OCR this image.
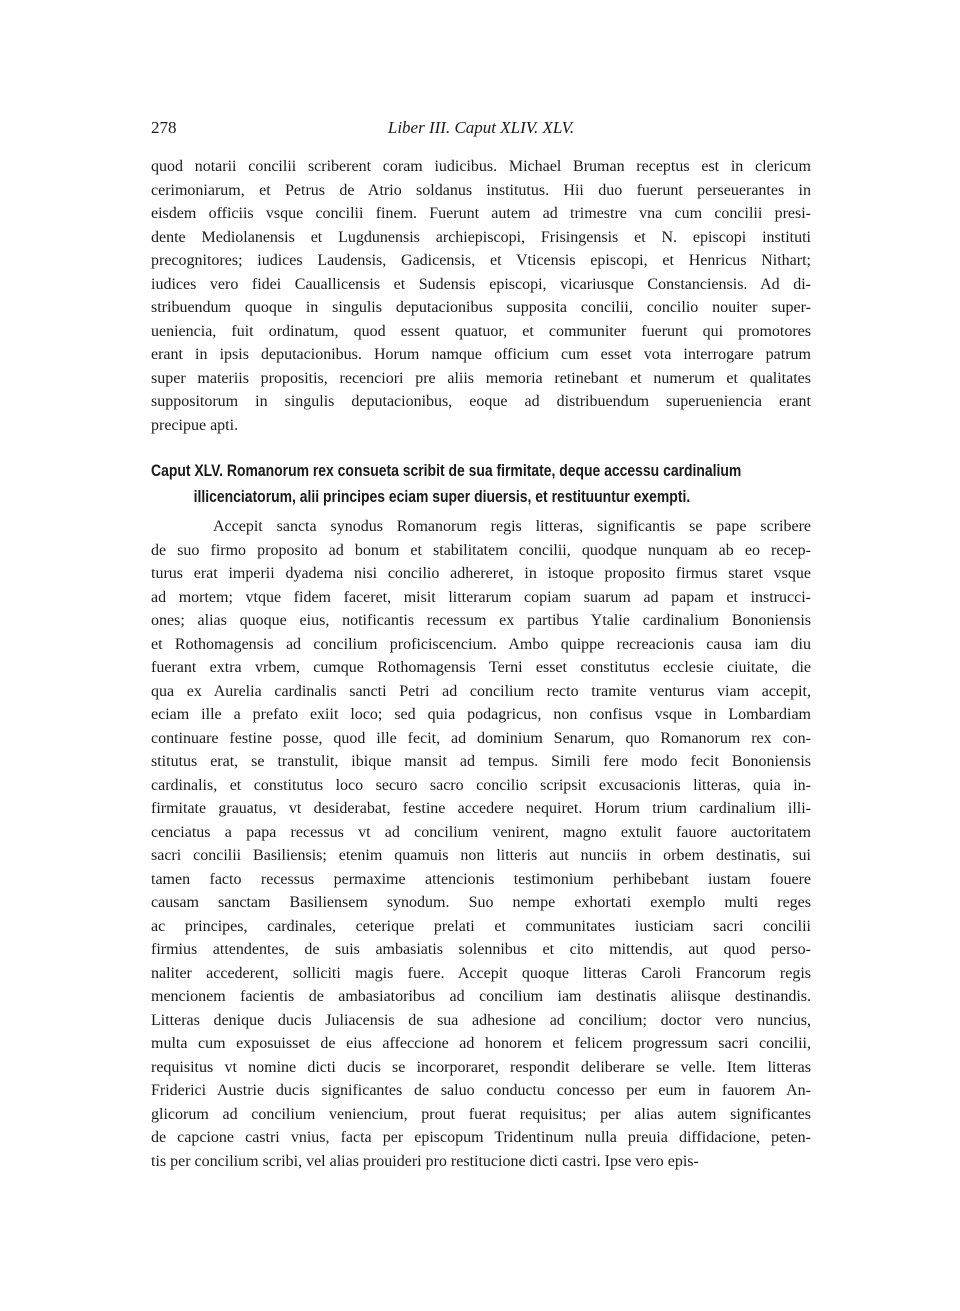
278	Liber III. Caput XLIV. XLV.
quod notarii concilii scriberent coram iudicibus. Michael Bruman receptus est in clericum
cerimoniarum, et Petrus de Atrio soldanus institutus. Hii duo fuerunt perseuerantes in
eisdem officiis vsque concilii finem. Fuerunt autem ad trimestre vna cum concilii presi-
dente Mediolanensis et Lugdunensis archiepiscopi, Frisingensis et N. episcopi instituti
precognitores; iudices Laudensis, Gadicensis, et Vticensis episcopi, et Henricus Nithart;
iudices vero fidei Cauallicensis et Sudensis episcopi, vicariusque Constanciensis. Ad di-
stribuendum quoque in singulis deputacionibus supposita concilii, concilio nouiter super-
ueniencia, fuit ordinatum, quod essent quatuor, et communiter fuerunt qui promotores
erant in ipsis deputacionibus. Horum namque officium cum esset vota interrogare patrum
super materiis propositis, recenciori pre aliis memoria retinebant et numerum et qualitates
suppositorum in singulis deputacionibus, eoque ad distribuendum superueniencia erant
precipue apti.
Caput XLV. Romanorum rex consueta scribit de sua firmitate, deque accessu cardinalium
illicenciatorum, alii principes eciam super diuersis, et restituuntur exempti.
Accepit sancta synodus Romanorum regis litteras, significantis se pape scribere
de suo firmo proposito ad bonum et stabilitatem concilii, quodque nunquam ab eo recep-
turus erat imperii dyadema nisi concilio adhereret, in istoque proposito firmus staret vsque
ad mortem; vtque fidem faceret, misit litterarum copiam suarum ad papam et instrucci-
ones; alias quoque eius, notificantis recessum ex partibus Ytalie cardinalium Bononiensis
et Rothomagensis ad concilium proficiscencium. Ambo quippe recreacionis causa iam diu
fuerant extra vrbem, cumque Rothomagensis Terni esset constitutus ecclesie ciuitate, die
qua ex Aurelia cardinalis sancti Petri ad concilium recto tramite venturus viam accepit,
eciam ille a prefato exiit loco; sed quia podagricus, non confisus vsque in Lombardiam
continuare festine posse, quod ille fecit, ad dominium Senarum, quo Romanorum rex con-
stitutus erat, se transtulit, ibique mansit ad tempus. Simili fere modo fecit Bononiensis
cardinalis, et constitutus loco securo sacro concilio scripsit excusacionis litteras, quia in-
firmitate grauatus, vt desiderabat, festine accedere nequiret. Horum trium cardinalium illi-
cenciatus a papa recessus vt ad concilium venirent, magno extulit fauore auctoritatem
sacri concilii Basiliensis; etenim quamuis non litteris aut nunciis in orbem destinatis, sui
tamen facto recessus permaxime attencionis testimonium perhibebant iustam fouere
causam sanctam Basiliensem synodum. Suo nempe exhortati exemplo multi reges
ac principes, cardinales, ceterique prelati et communitates iusticiam sacri concilii
firmius attendentes, de suis ambasiatis solennibus et cito mittendis, aut quod perso-
naliter accederent, solliciti magis fuere. Accepit quoque litteras Caroli Francorum regis
mencionem facientis de ambasiatoribus ad concilium iam destinatis aliisque destinandis.
Litteras denique ducis Juliacensis de sua adhesione ad concilium; doctor vero nuncius,
multa cum exposuisset de eius affeccione ad honorem et felicem progressum sacri concilii,
requisitus vt nomine dicti ducis se incorporaret, respondit deliberare se velle. Item litteras
Friderici Austrie ducis significantes de saluo conductu concesso per eum in fauorem An-
glicorum ad concilium veniencium, prout fuerat requisitus; per alias autem significantes
de capcione castri vnius, facta per episcopum Tridentinum nulla preuia diffidacione, peten-
tis per concilium scribi, vel alias prouideri pro restitucione dicti castri. Ipse vero epis-
